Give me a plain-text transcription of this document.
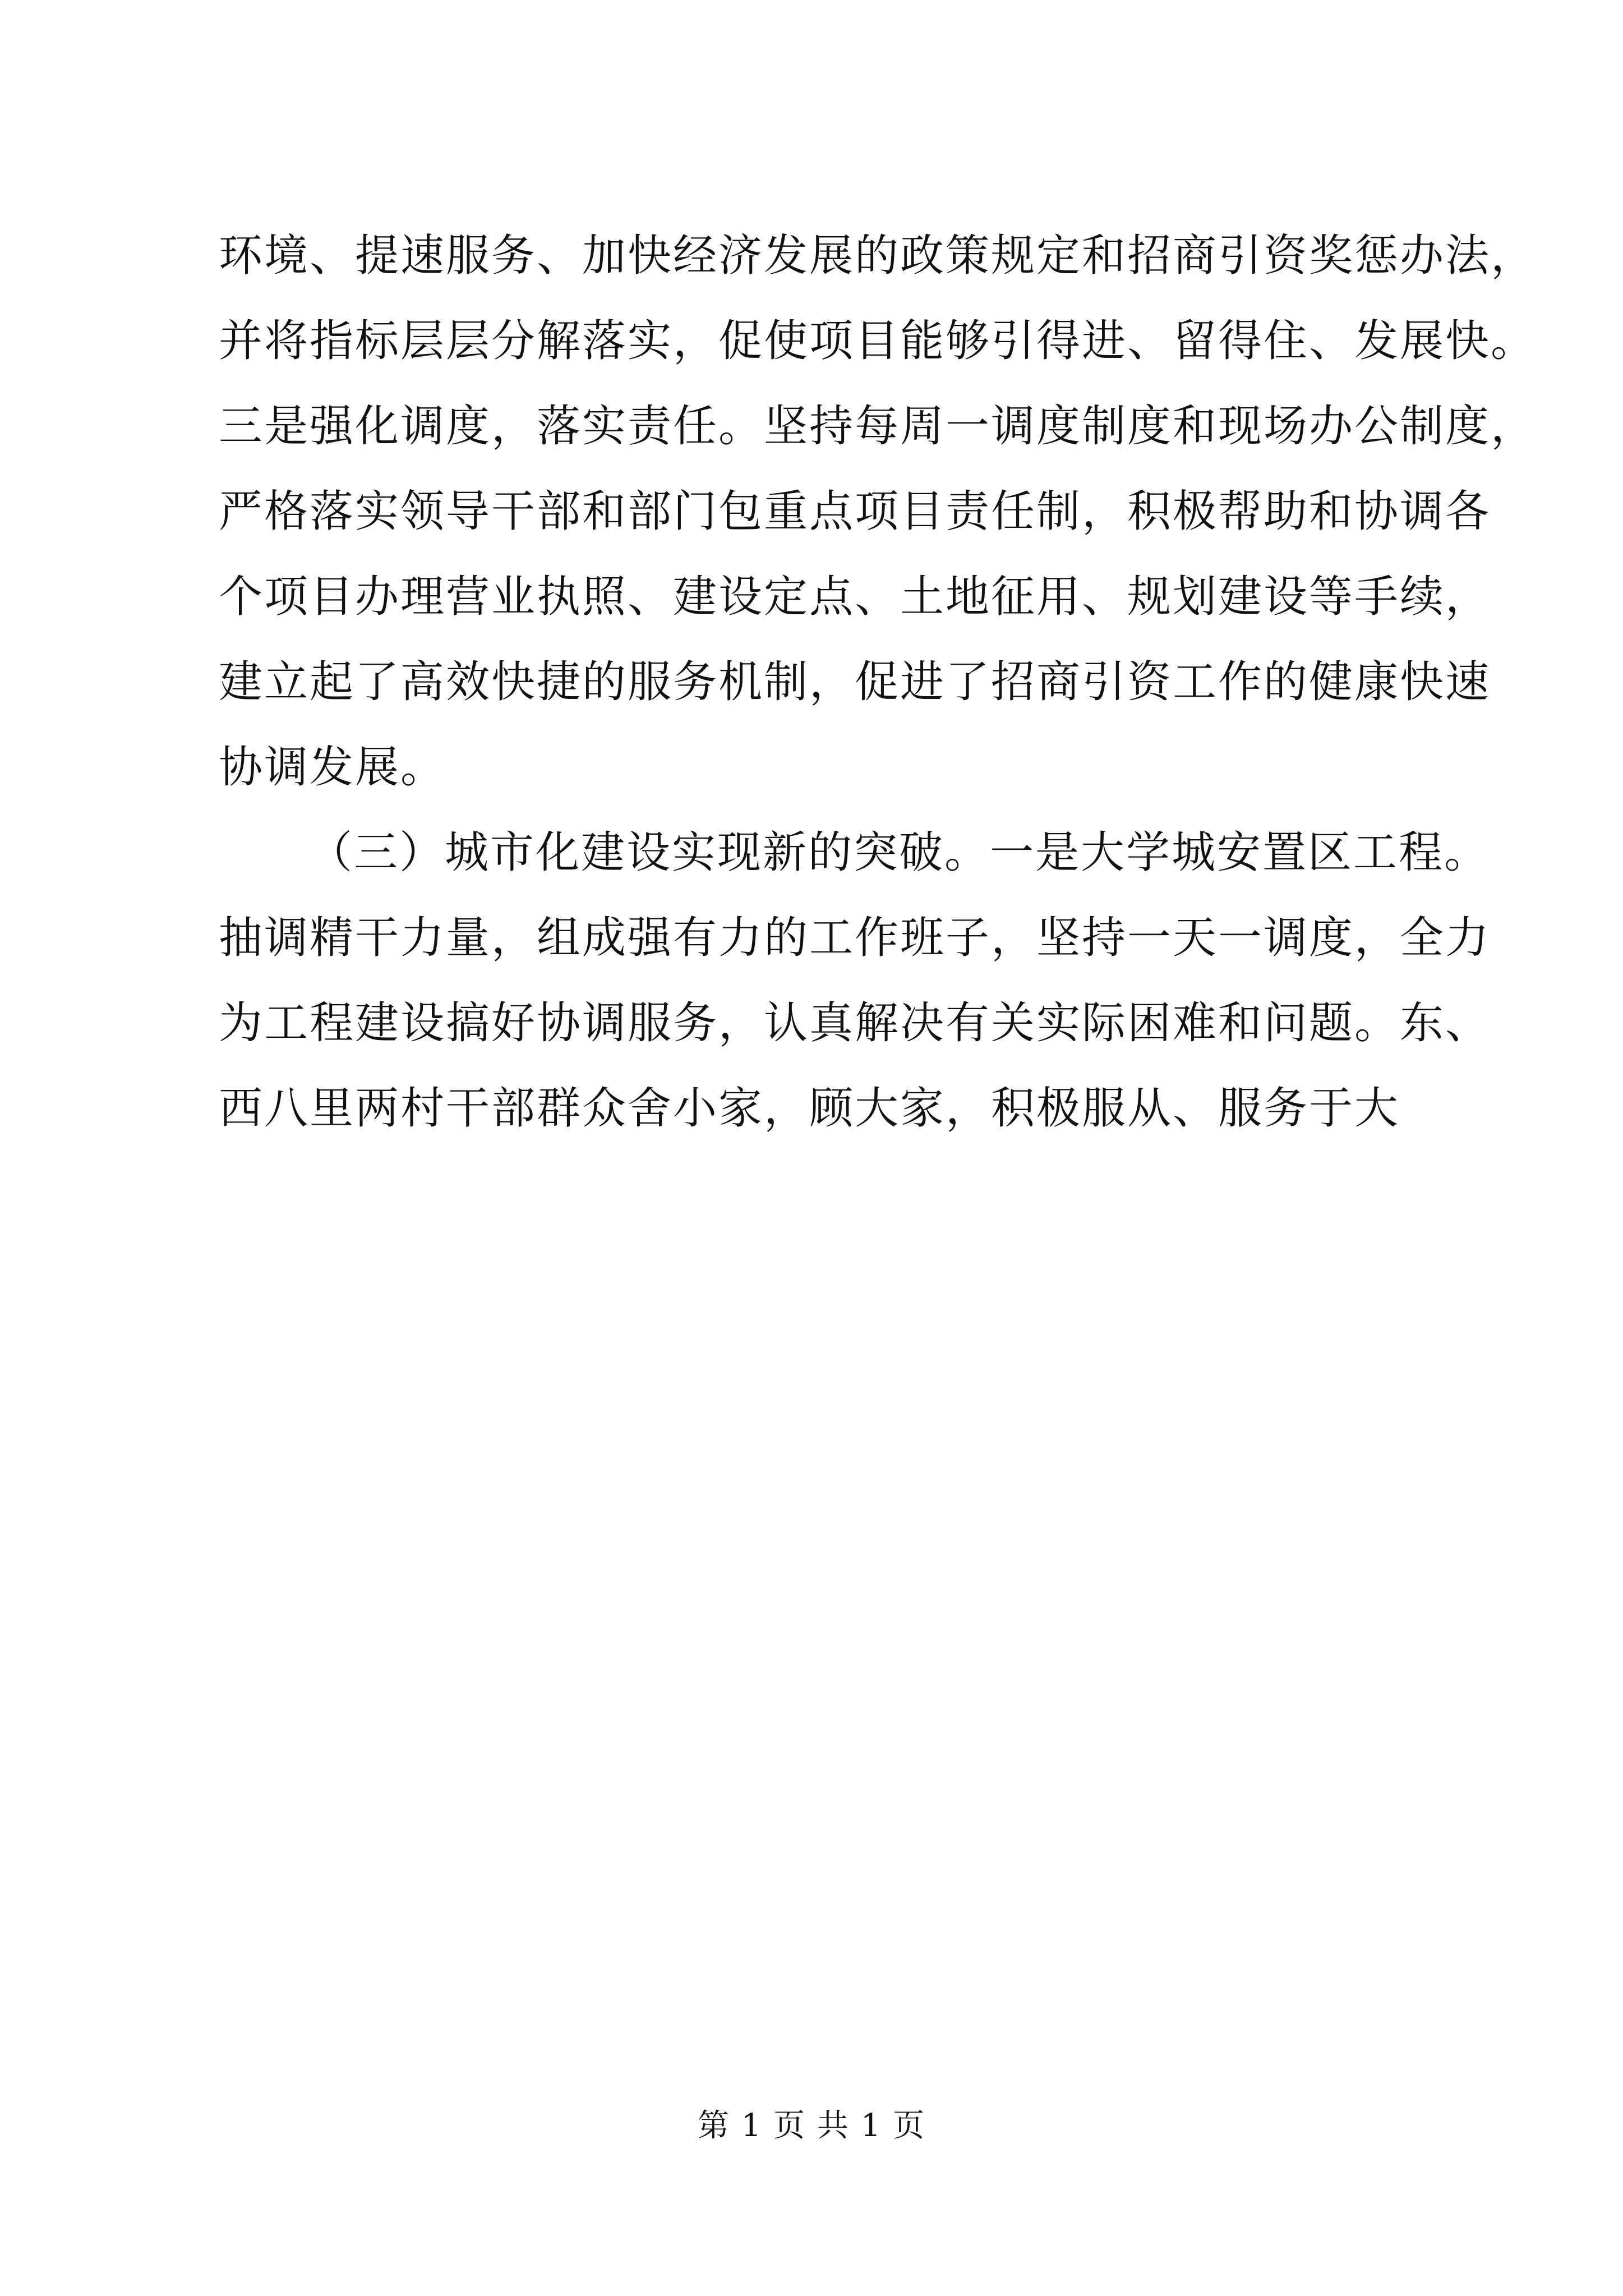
环境、提速服务、加快经济发展的政策规定和招商引资奖惩办法，
并将指标层层分解落实，促使项目能够引得进、留得住、发展快。
三是强化调度，落实责任。坚持每周一调度制度和现场办公制度，
严格落实领导干部和部门包重点项目责任制，积极帮助和协调各
个项目办理营业执照、建设定点、土地征用、规划建设等手续，
建立起了高效快捷的服务机制，促进了招商引资工作的健康快速
协调发展。
（三）城市化建设实现新的突破。一是大学城安置区工程。
抽调精干力量，组成强有力的工作班子，坚持一天一调度，全力
为工程建设搞好协调服务，认真解决有关实际困难和问题。东、
西八里两村干部群众舍小家，顾大家，积极服从、服务于大
第 1 页 共 1 页
